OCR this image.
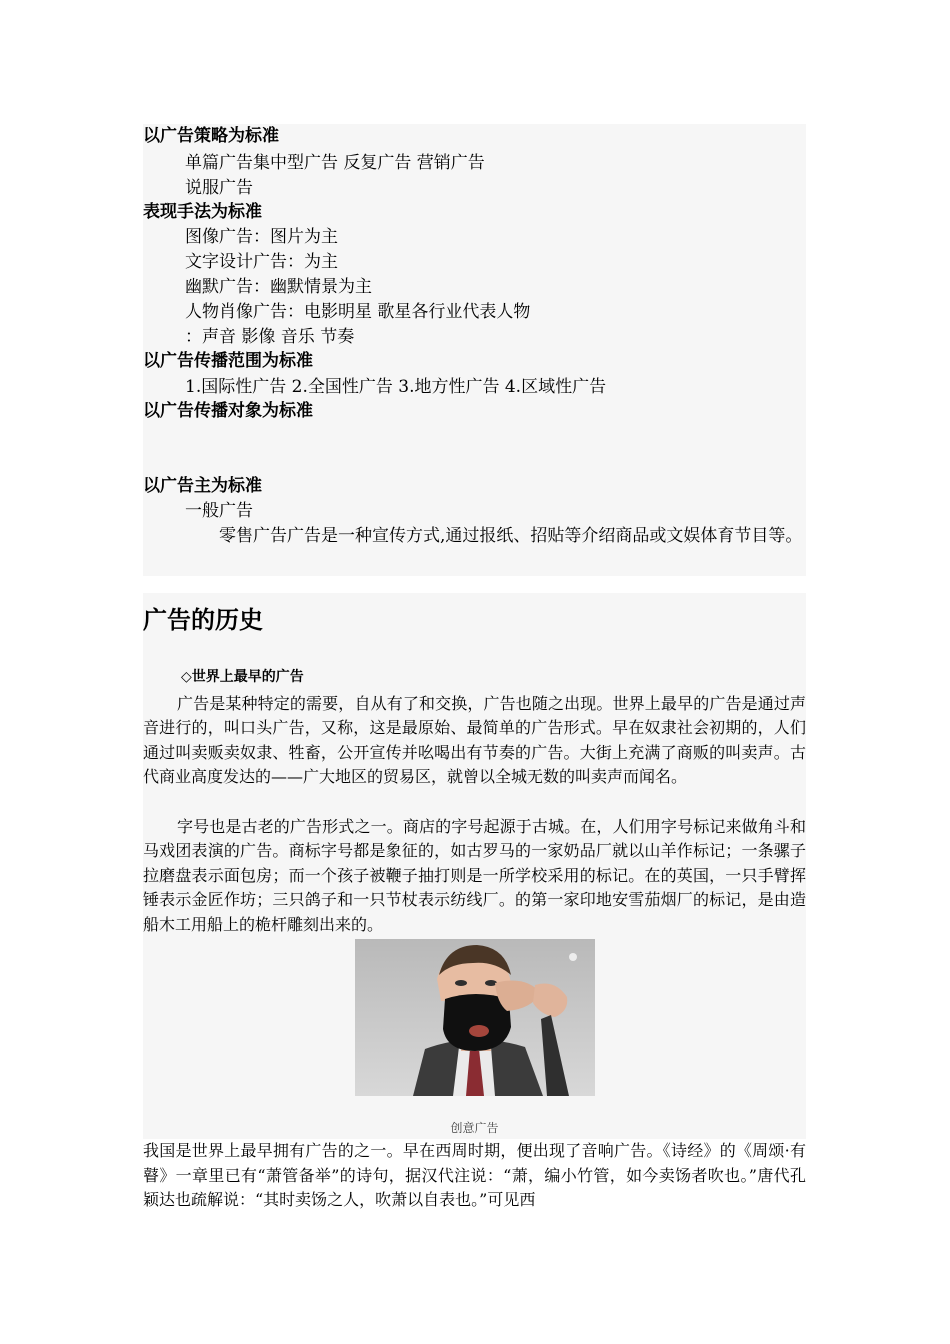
以广告策略为标准
单篇广告集中型广告 反复广告 营销广告
说服广告
表现手法为标准
图像广告：图片为主
文字设计广告：为主
幽默广告：幽默情景为主
人物肖像广告：电影明星 歌星各行业代表人物
：声音 影像 音乐 节奏
以广告传播范围为标准
1.国际性广告 2.全国性广告 3.地方性广告 4.区域性广告
以广告传播对象为标准
以广告主为标准
一般广告
零售广告广告是一种宣传方式,通过报纸、招贴等介绍商品或文娱体育节目等。
广告的历史
◇世界上最早的广告
广告是某种特定的需要，自从有了和交换，广告也随之出现。世界上最早的广告是通过声音进行的，叫口头广告，又称，这是最原始、最简单的广告形式。早在奴隶社会初期的，人们通过叫卖贩卖奴隶、牲畜，公开宣传并吆喝出有节奏的广告。大街上充满了商贩的叫卖声。古代商业高度发达的——广大地区的贸易区，就曾以全城无数的叫卖声而闻名。
字号也是古老的广告形式之一。商店的字号起源于古城。在，人们用字号标记来做角斗和马戏团表演的广告。商标字号都是象征的，如古罗马的一家奶品厂就以山羊作标记；一条骡子拉磨盘表示面包房；而一个孩子被鞭子抽打则是一所学校采用的标记。在的英国，一只手臂挥锤表示金匠作坊；三只鸽子和一只节杖表示纺线厂。的第一家印地安雪茄烟厂的标记，是由造船木工用船上的桅杆雕刻出来的。
创意广告
我国是世界上最早拥有广告的之一。早在西周时期，便出现了音响广告。《诗经》的《周颂·有瞽》一章里已有“萧管备举”的诗句，据汉代注说：“萧，编小竹管，如今卖饧者吹也。”唐代孔颖达也疏解说：“其时卖饧之人，吹萧以自表也。”可见西
